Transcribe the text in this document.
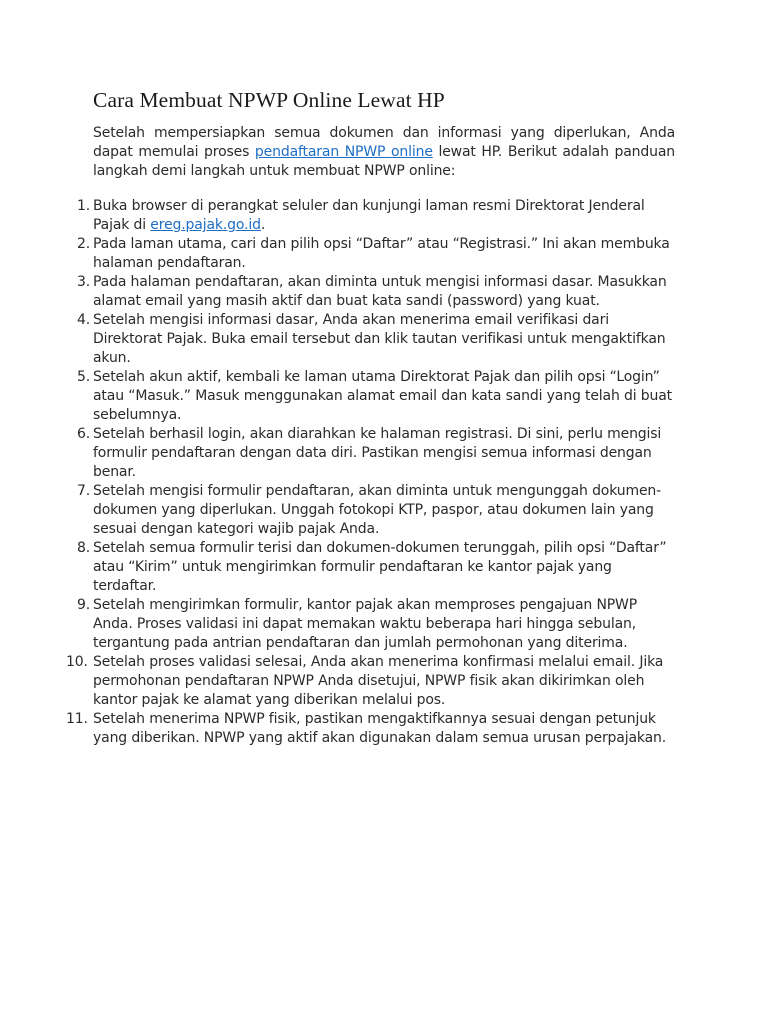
Cara Membuat NPWP Online Lewat HP

Setelah mempersiapkan semua dokumen dan informasi yang diperlukan, Anda dapat memulai proses pendaftaran NPWP online lewat HP. Berikut adalah panduan langkah demi langkah untuk membuat NPWP online:

1. Buka browser di perangkat seluler dan kunjungi laman resmi Direktorat Jenderal Pajak di ereg.pajak.go.id.
2. Pada laman utama, cari dan pilih opsi “Daftar” atau “Registrasi.” Ini akan membuka halaman pendaftaran.
3. Pada halaman pendaftaran, akan diminta untuk mengisi informasi dasar. Masukkan alamat email yang masih aktif dan buat kata sandi (password) yang kuat.
4. Setelah mengisi informasi dasar, Anda akan menerima email verifikasi dari Direktorat Pajak. Buka email tersebut dan klik tautan verifikasi untuk mengaktifkan akun.
5. Setelah akun aktif, kembali ke laman utama Direktorat Pajak dan pilih opsi “Login” atau “Masuk.” Masuk menggunakan alamat email dan kata sandi yang telah di buat sebelumnya.
6. Setelah berhasil login, akan diarahkan ke halaman registrasi. Di sini, perlu mengisi formulir pendaftaran dengan data diri. Pastikan mengisi semua informasi dengan benar.
7. Setelah mengisi formulir pendaftaran, akan diminta untuk mengunggah dokumen-dokumen yang diperlukan. Unggah fotokopi KTP, paspor, atau dokumen lain yang sesuai dengan kategori wajib pajak Anda.
8. Setelah semua formulir terisi dan dokumen-dokumen terunggah, pilih opsi “Daftar” atau “Kirim” untuk mengirimkan formulir pendaftaran ke kantor pajak yang terdaftar.
9. Setelah mengirimkan formulir, kantor pajak akan memproses pengajuan NPWP Anda. Proses validasi ini dapat memakan waktu beberapa hari hingga sebulan, tergantung pada antrian pendaftaran dan jumlah permohonan yang diterima.
10. Setelah proses validasi selesai, Anda akan menerima konfirmasi melalui email. Jika permohonan pendaftaran NPWP Anda disetujui, NPWP fisik akan dikirimkan oleh kantor pajak ke alamat yang diberikan melalui pos.
11. Setelah menerima NPWP fisik, pastikan mengaktifkannya sesuai dengan petunjuk yang diberikan. NPWP yang aktif akan digunakan dalam semua urusan perpajakan.
